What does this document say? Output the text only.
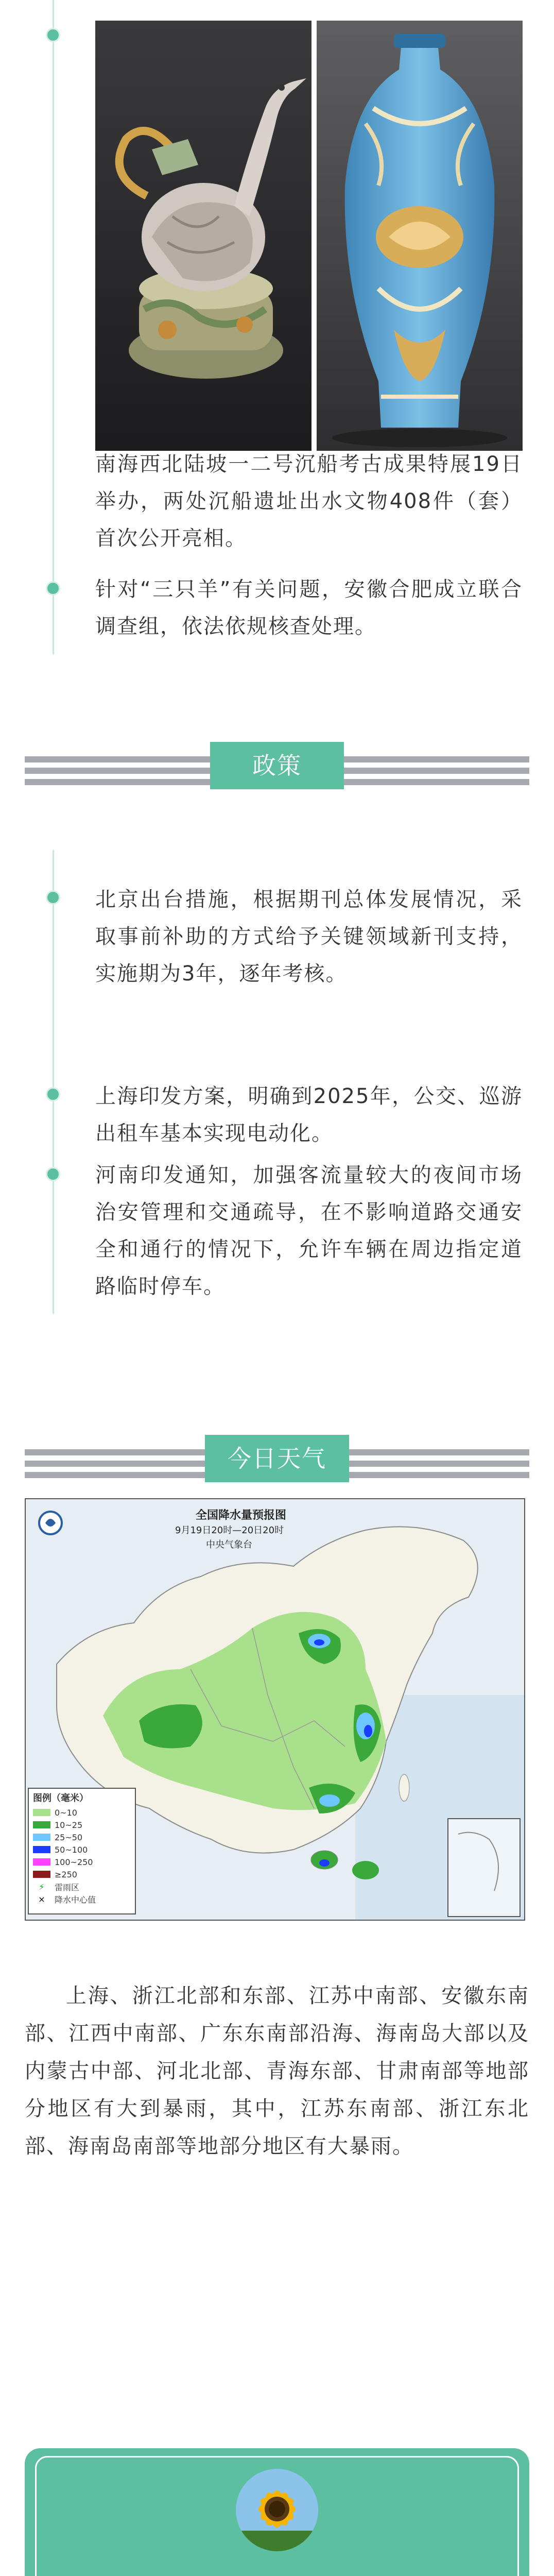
南海西北陆坡一二号沉船考古成果特展19日举办，两处沉船遗址出水文物408件（套）首次公开亮相。
针对“三只羊”有关问题，安徽合肥成立联合调查组，依法依规核查处理。
政策
北京出台措施，根据期刊总体发展情况，采取事前补助的方式给予关键领域新刊支持，实施期为3年，逐年考核。
上海印发方案，明确到2025年，公交、巡游出租车基本实现电动化。
河南印发通知，加强客流量较大的夜间市场治安管理和交通疏导，在不影响道路交通安全和通行的情况下，允许车辆在周边指定道路临时停车。
今日天气
全国降水量预报图
9月19日20时—20日20时
中央气象台
图例（毫米）
0~10
10~25
25~50
50~100
100~250
≥250
⚡	雷雨区
×	降水中心值
上海、浙江北部和东部、江苏中南部、安徽东南部、江西中南部、广东东南部沿海、海南岛大部以及内蒙古中部、河北北部、青海东部、甘肃南部等地部分地区有大到暴雨，其中，江苏东南部、浙江东北部、海南岛南部等地部分地区有大暴雨。
